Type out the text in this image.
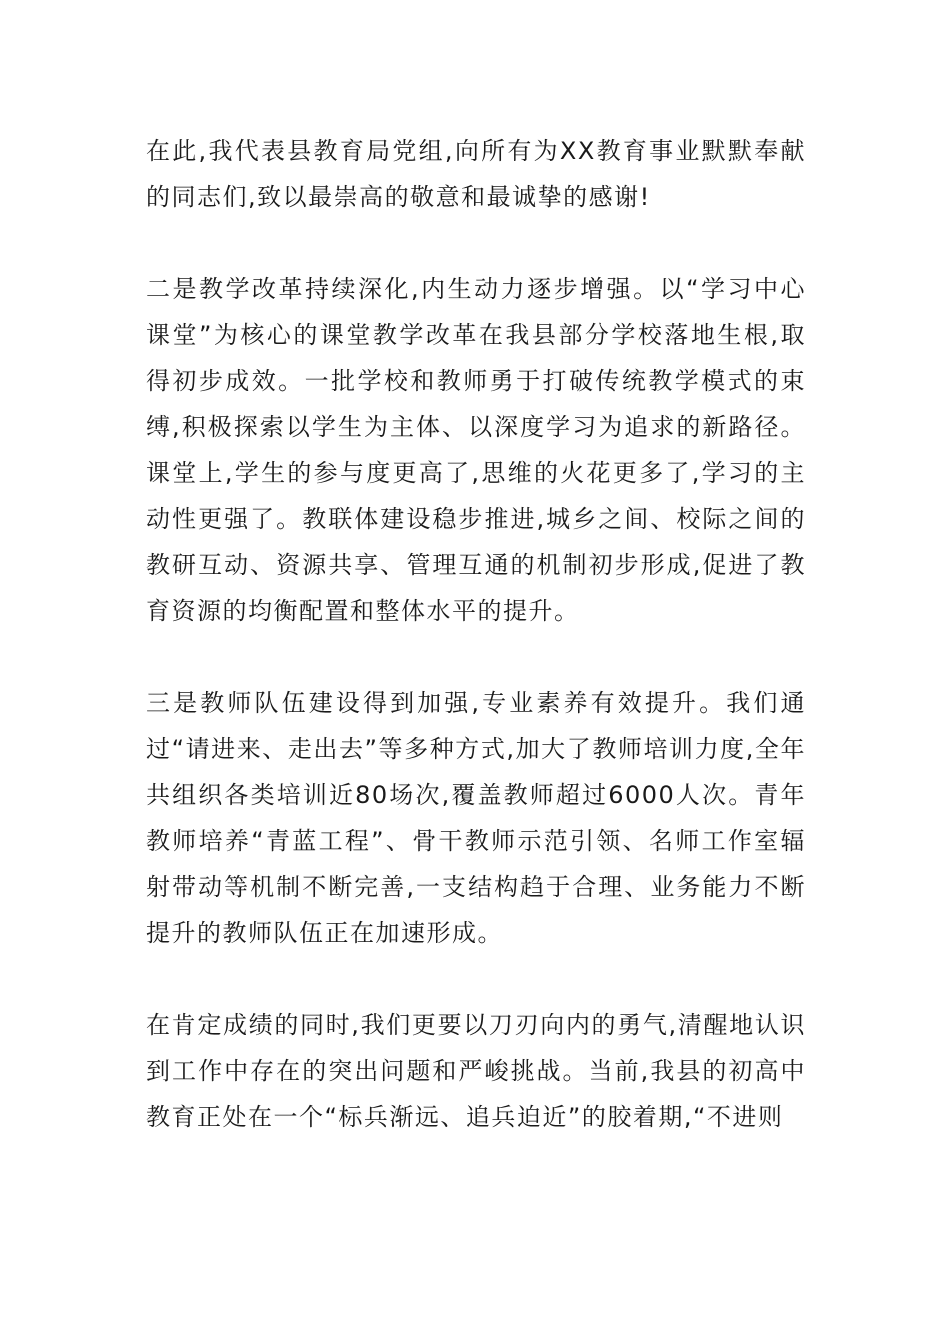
在此,我代表县教育局党组,向所有为XX教育事业默默奉献的同志们,致以最崇高的敬意和最诚挚的感谢!

二是教学改革持续深化,内生动力逐步增强。以“学习中心课堂”为核心的课堂教学改革在我县部分学校落地生根,取得初步成效。一批学校和教师勇于打破传统教学模式的束缚,积极探索以学生为主体、以深度学习为追求的新路径。课堂上,学生的参与度更高了,思维的火花更多了,学习的主动性更强了。教联体建设稳步推进,城乡之间、校际之间的教研互动、资源共享、管理互通的机制初步形成,促进了教育资源的均衡配置和整体水平的提升。

三是教师队伍建设得到加强,专业素养有效提升。我们通过“请进来、走出去”等多种方式,加大了教师培训力度,全年共组织各类培训近80场次,覆盖教师超过6000人次。青年教师培养“青蓝工程”、骨干教师示范引领、名师工作室辐射带动等机制不断完善,一支结构趋于合理、业务能力不断提升的教师队伍正在加速形成。

在肯定成绩的同时,我们更要以刀刃向内的勇气,清醒地认识到工作中存在的突出问题和严峻挑战。当前,我县的初高中教育正处在一个“标兵渐远、追兵迫近”的胶着期,“不进则
